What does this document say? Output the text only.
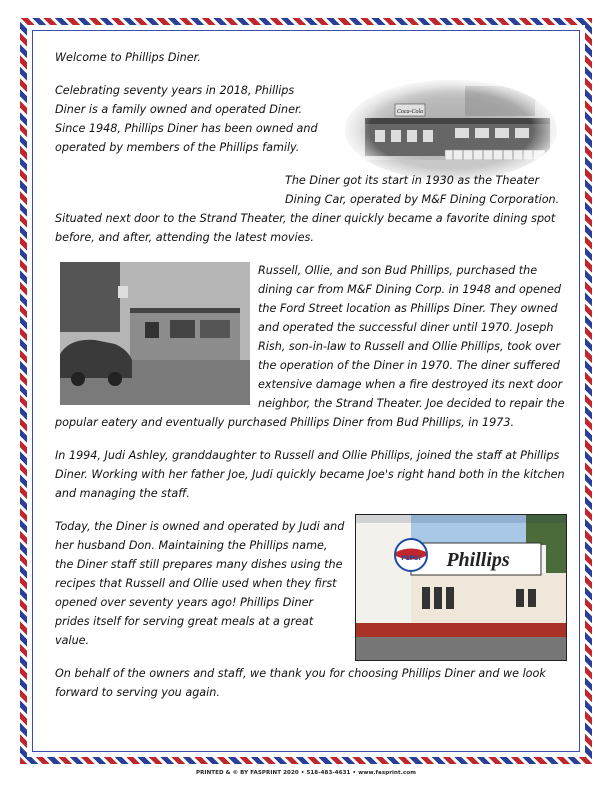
Phillips
PEPSI

Welcome to Phillips Diner.

Celebrating seventy years in 2018, Phillips Diner is a family owned and operated Diner. Since 1948, Phillips Diner has been owned and operated by members of the Phillips family.

The Diner got its start in 1930 as the Theater Dining Car, operated by M&F Dining Corporation. Situated next door to the Strand Theater, the diner quickly became a favorite dining spot before, and after, attending the latest movies.

Russell, Ollie, and son Bud Phillips, purchased the dining car from M&F Dining Corp. in 1948 and opened the Ford Street location as Phillips Diner. They owned and operated the successful diner until 1970. Joseph Rish, son-in-law to Russell and Ollie Phillips, took over the operation of the Diner in 1970. The diner suffered extensive damage when a fire destroyed its next door neighbor, the Strand Theater. Joe decided to repair the popular eatery and eventually purchased Phillips Diner from Bud Phillips, in 1973.

In 1994, Judi Ashley, granddaughter to Russell and Ollie Phillips, joined the staff at Phillips Diner. Working with her father Joe, Judi quickly became Joe's right hand both in the kitchen and managing the staff.

Today, the Diner is owned and operated by Judi and her husband Don. Maintaining the Phillips name, the Diner staff still prepares many dishes using the recipes that Russell and Ollie used when they first opened over seventy years ago! Phillips Diner prides itself for serving great meals at a great value.

On behalf of the owners and staff, we thank you for choosing Phillips Diner and we look forward to serving you again.

PRINTED & © BY FASPRINT 2020 • 518-483-4631 • www.fasprint.com
